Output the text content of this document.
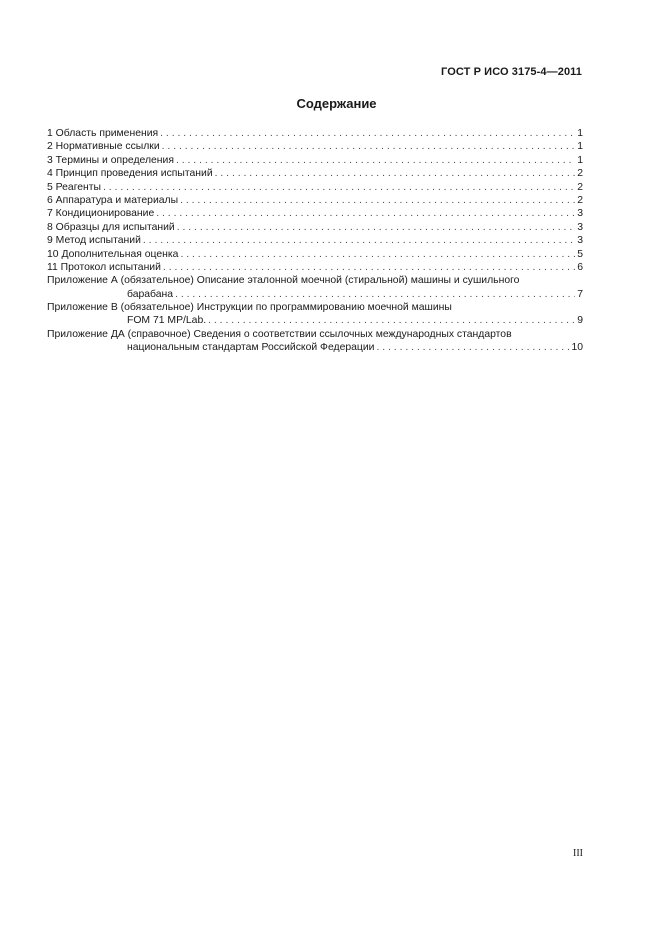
ГОСТ Р ИСО 3175-4—2011
Содержание
1 Область применения . . .	1
2 Нормативные ссылки . . .	1
3 Термины и определения . . .	1
4 Принцип проведения испытаний . . .	2
5 Реагенты . . .	2
6 Аппаратура и материалы . . .	2
7 Кондиционирование . . .	3
8 Образцы для испытаний . . .	3
9 Метод испытаний . . .	3
10 Дополнительная оценка . . .	5
11 Протокол испытаний . . .	6
Приложение А (обязательное) Описание эталонной моечной (стиральной) машины и сушильного
барабана . . .	7
Приложение В (обязательное) Инструкции по программированию моечной машины
FOM 71 MP/Lab. . . .	9
Приложение ДА (справочное) Сведения о соответствии ссылочных международных стандартов
национальным стандартам Российской Федерации . . .	10
III
